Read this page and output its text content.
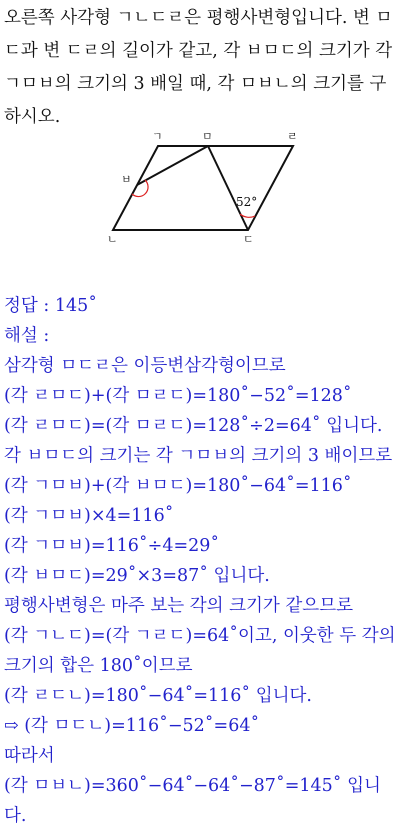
오른쪽 사각형 ㄱㄴㄷㄹ은 평행사변형입니다. 변 ㅁ

ㄷ과 변 ㄷㄹ의 길이가 같고, 각 ㅂㅁㄷ의 크기가 각

ㄱㅁㅂ의 크기의 3 배일 때, 각 ㅁㅂㄴ의 크기를 구

하시오.

ㄱ	ㅁ	ㄹ
ㅂ
ㄴ	ㄷ
52°

정답 : 145˚

해설 :

삼각형 ㅁㄷㄹ은 이등변삼각형이므로

(각 ㄹㅁㄷ)+(각 ㅁㄹㄷ)=180˚−52˚=128˚

(각 ㄹㅁㄷ)=(각 ㅁㄹㄷ)=128˚÷2=64˚ 입니다.

각 ㅂㅁㄷ의 크기는 각 ㄱㅁㅂ의 크기의 3 배이므로

(각 ㄱㅁㅂ)+(각 ㅂㅁㄷ)=180˚−64˚=116˚

(각 ㄱㅁㅂ)×4=116˚

(각 ㄱㅁㅂ)=116˚÷4=29˚

(각 ㅂㅁㄷ)=29˚×3=87˚ 입니다.

평행사변형은 마주 보는 각의 크기가 같으므로

(각 ㄱㄴㄷ)=(각 ㄱㄹㄷ)=64˚이고, 이웃한 두 각의

크기의 합은 180˚이므로

(각 ㄹㄷㄴ)=180˚−64˚=116˚ 입니다.

⇨ (각 ㅁㄷㄴ)=116˚−52˚=64˚

따라서

(각 ㅁㅂㄴ)=360˚−64˚−64˚−87˚=145˚ 입니

다.
